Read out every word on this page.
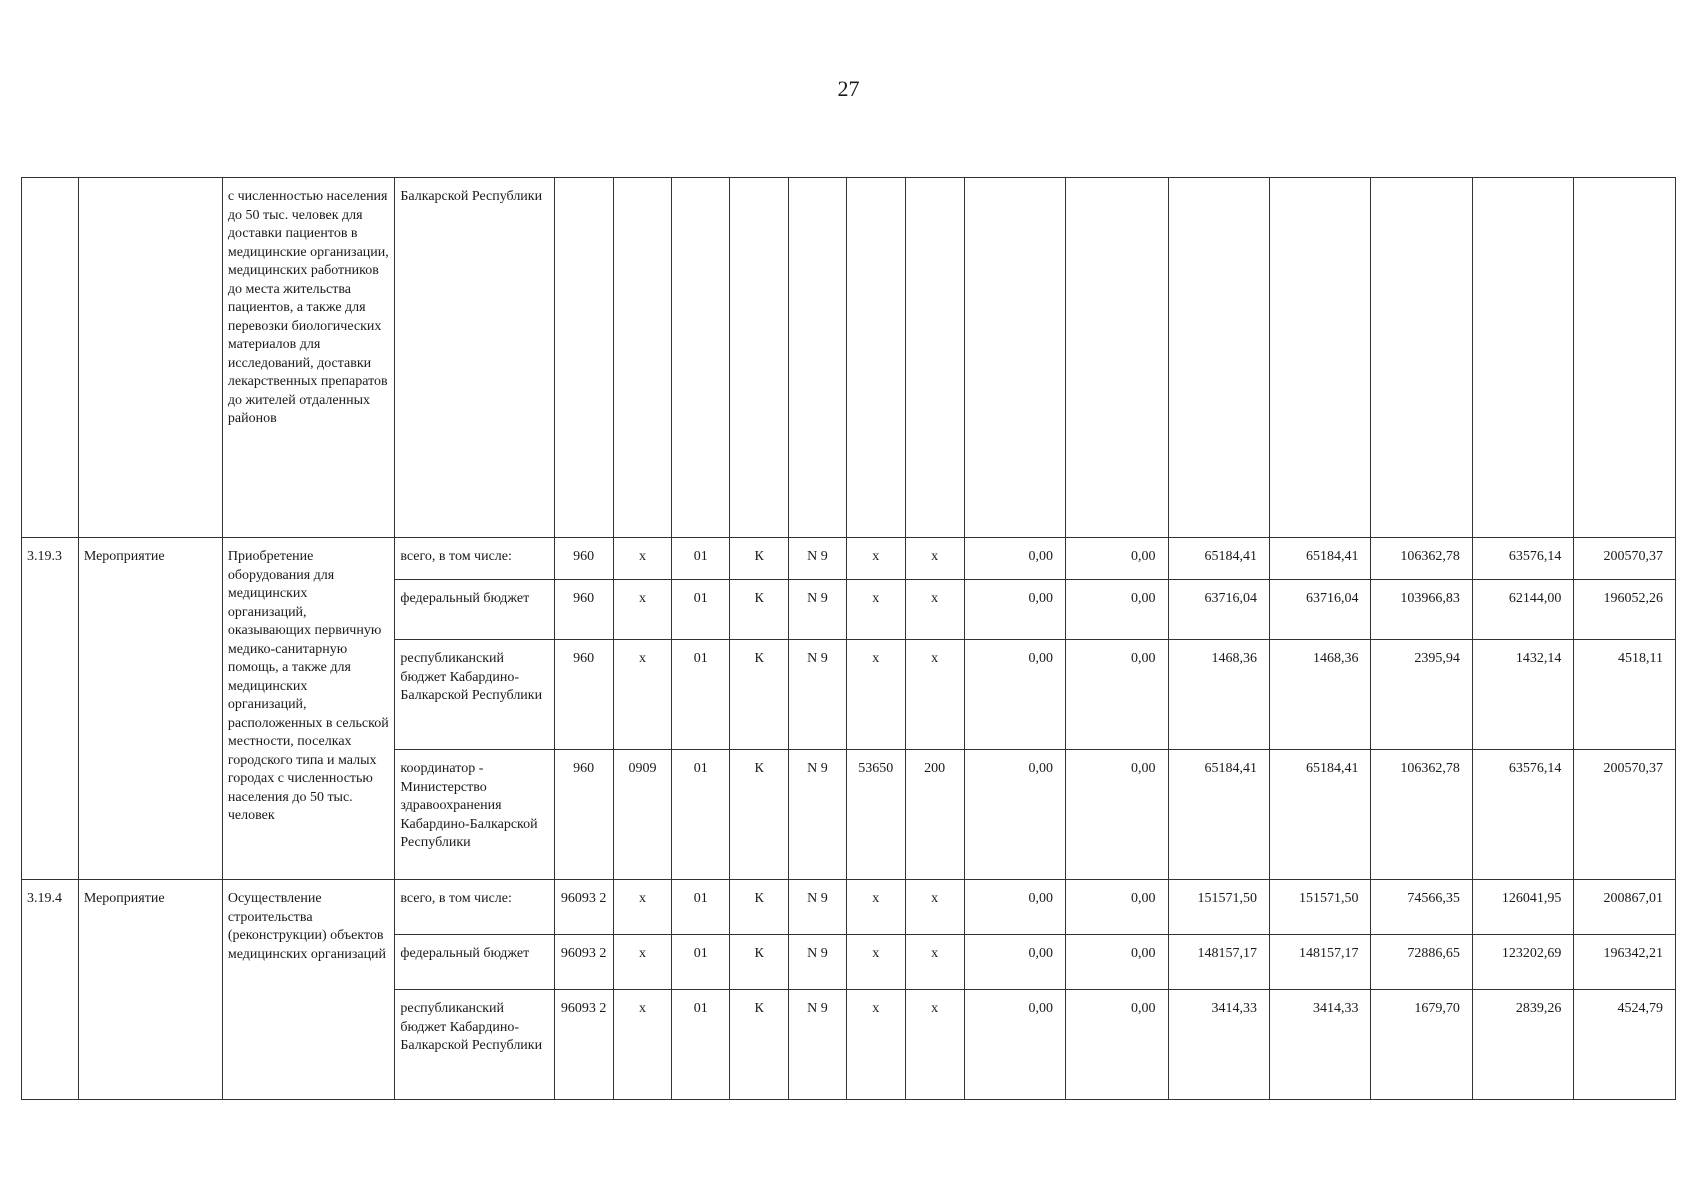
27
		с численностью населения до 50 тыс. человек для доставки пациентов в медицинские организации, медицинских работников до места жительства пациентов, а также для перевозки биологических материалов для исследований, доставки лекарственных препаратов до жителей отдаленных районов	Балкарской Республики														
3.19.3	Мероприятие	Приобретение оборудования для медицинских организаций, оказывающих первичную медико-санитарную помощь, а также для медицинских организаций, расположенных в сельской местности, поселках городского типа и малых городах с численностью населения до 50 тыс. человек	всего, в том числе:	960	х	01	К	N 9	х	х	0,00	0,00	65184,41	65184,41	106362,78	63576,14	200570,37
			федеральный бюджет	960	х	01	К	N 9	х	х	0,00	0,00	63716,04	63716,04	103966,83	62144,00	196052,26
			республиканский бюджет Кабардино-Балкарской Республики	960	х	01	К	N 9	х	х	0,00	0,00	1468,36	1468,36	2395,94	1432,14	4518,11
			координатор - Министерство здравоохранения Кабардино-Балкарской Республики	960	0909	01	К	N 9	53650	200	0,00	0,00	65184,41	65184,41	106362,78	63576,14	200570,37
3.19.4	Мероприятие	Осуществление строительства (реконструкции) объектов медицинских организаций	всего, в том числе:	96093 2	х	01	К	N 9	х	х	0,00	0,00	151571,50	151571,50	74566,35	126041,95	200867,01
			федеральный бюджет	96093 2	х	01	К	N 9	х	х	0,00	0,00	148157,17	148157,17	72886,65	123202,69	196342,21
			республиканский бюджет Кабардино-Балкарской Республики	96093 2	х	01	К	N 9	х	х	0,00	0,00	3414,33	3414,33	1679,70	2839,26	4524,79
